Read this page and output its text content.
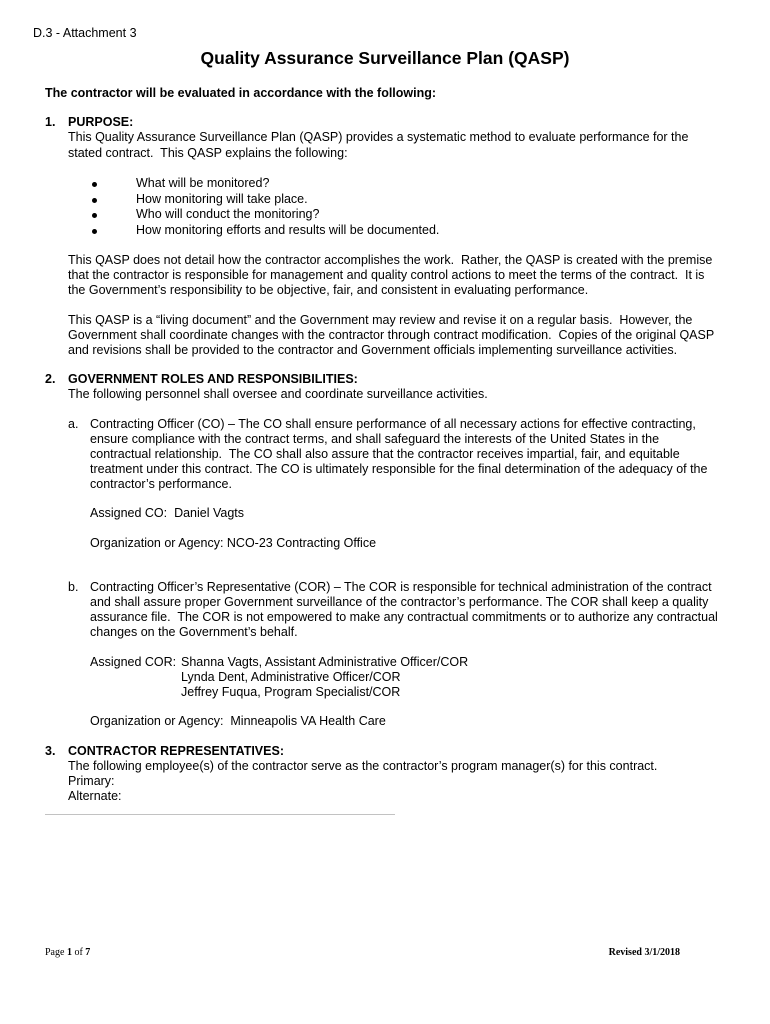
D.3 - Attachment 3
Quality Assurance Surveillance Plan (QASP)
The contractor will be evaluated in accordance with the following:
1. PURPOSE:
This Quality Assurance Surveillance Plan (QASP) provides a systematic method to evaluate performance for the
stated contract.  This QASP explains the following:
What will be monitored?
How monitoring will take place.
Who will conduct the monitoring?
How monitoring efforts and results will be documented.
This QASP does not detail how the contractor accomplishes the work.  Rather, the QASP is created with the premise
that the contractor is responsible for management and quality control actions to meet the terms of the contract.  It is
the Government’s responsibility to be objective, fair, and consistent in evaluating performance.
This QASP is a “living document” and the Government may review and revise it on a regular basis.  However, the
Government shall coordinate changes with the contractor through contract modification.  Copies of the original QASP
and revisions shall be provided to the contractor and Government officials implementing surveillance activities.
2. GOVERNMENT ROLES AND RESPONSIBILITIES:
The following personnel shall oversee and coordinate surveillance activities.
a. Contracting Officer (CO) – The CO shall ensure performance of all necessary actions for effective contracting,
ensure compliance with the contract terms, and shall safeguard the interests of the United States in the
contractual relationship.  The CO shall also assure that the contractor receives impartial, fair, and equitable
treatment under this contract. The CO is ultimately responsible for the final determination of the adequacy of the
contractor’s performance.
Assigned CO: Daniel Vagts
Organization or Agency: NCO-23 Contracting Office
b. Contracting Officer’s Representative (COR) – The COR is responsible for technical administration of the contract
and shall assure proper Government surveillance of the contractor’s performance. The COR shall keep a quality
assurance file.  The COR is not empowered to make any contractual commitments or to authorize any contractual
changes on the Government’s behalf.
Assigned COR: Shanna Vagts, Assistant Administrative Officer/COR
Lynda Dent, Administrative Officer/COR
Jeffrey Fuqua, Program Specialist/COR
Organization or Agency: Minneapolis VA Health Care
3. CONTRACTOR REPRESENTATIVES:
The following employee(s) of the contractor serve as the contractor’s program manager(s) for this contract.
Primary:
Alternate:
Page 1 of 7	Revised 3/1/2018
